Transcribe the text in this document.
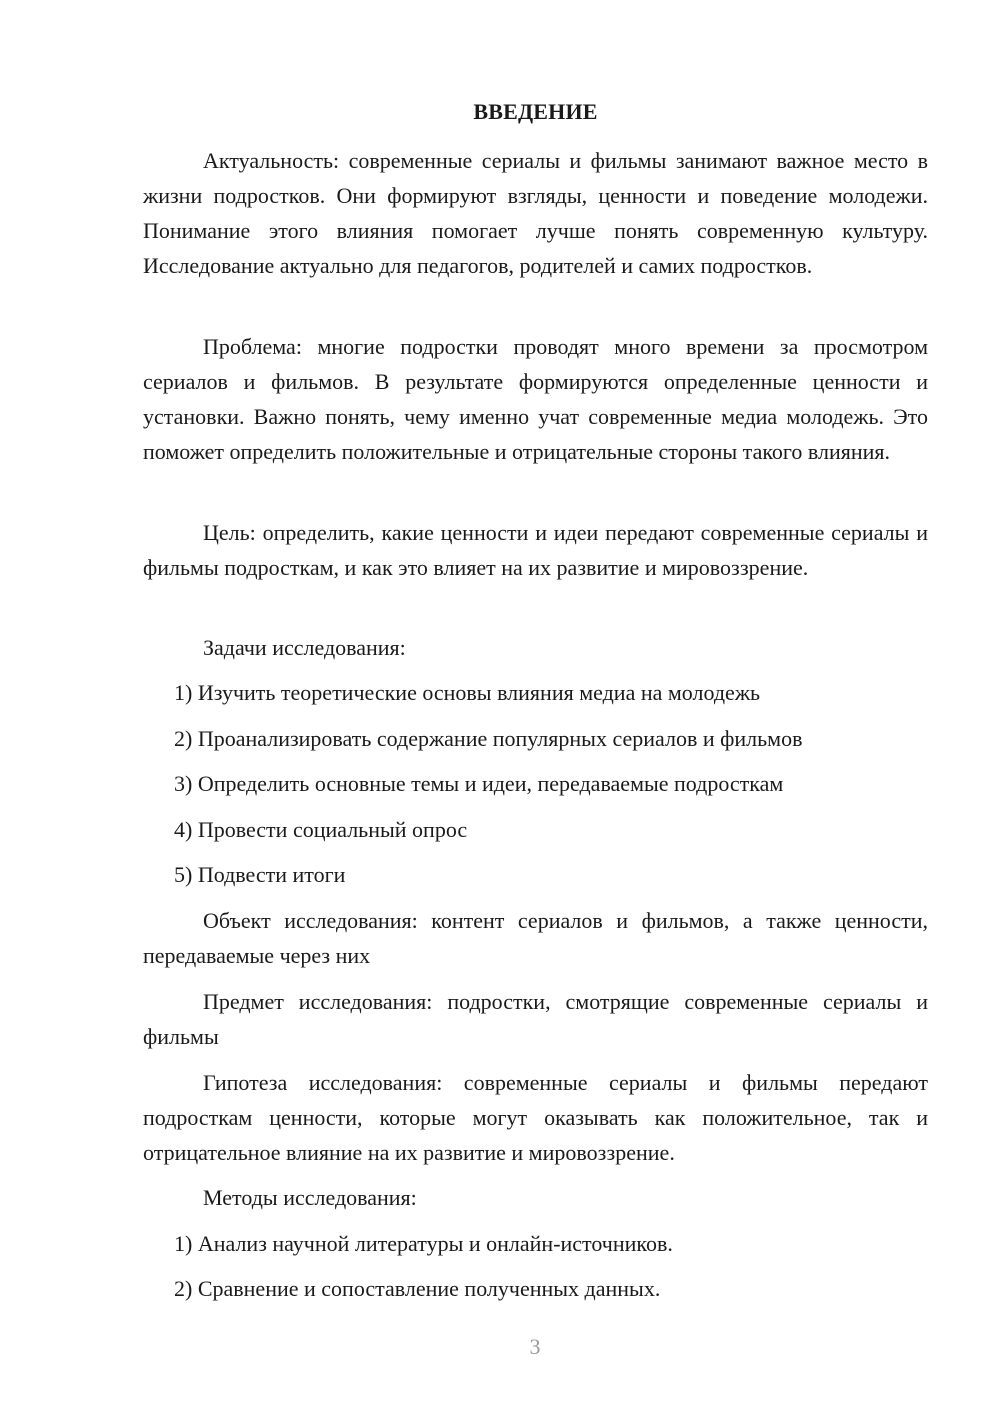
ВВЕДЕНИЕ

Актуальность: современные сериалы и фильмы занимают важное место в жизни подростков. Они формируют взгляды, ценности и поведение молодежи. Понимание этого влияния помогает лучше понять современную культуру. Исследование актуально для педагогов, родителей и самих подростков.

Проблема: многие подростки проводят много времени за просмотром сериалов и фильмов. В результате формируются определенные ценности и установки. Важно понять, чему именно учат современные медиа молодежь. Это поможет определить положительные и отрицательные стороны такого влияния.

Цель: определить, какие ценности и идеи передают современные сериалы и фильмы подросткам, и как это влияет на их развитие и мировоззрение.

Задачи исследования:

1) Изучить теоретические основы влияния медиа на молодежь
2) Проанализировать содержание популярных сериалов и фильмов
3) Определить основные темы и идеи, передаваемые подросткам
4) Провести социальный опрос
5) Подвести итоги

Объект исследования: контент сериалов и фильмов, а также ценности, передаваемые через них

Предмет исследования: подростки, смотрящие современные сериалы и фильмы

Гипотеза исследования: современные сериалы и фильмы передают подросткам ценности, которые могут оказывать как положительное, так и отрицательное влияние на их развитие и мировоззрение.

Методы исследования:

1) Анализ научной литературы и онлайн-источников.
2) Сравнение и сопоставление полученных данных.
3
